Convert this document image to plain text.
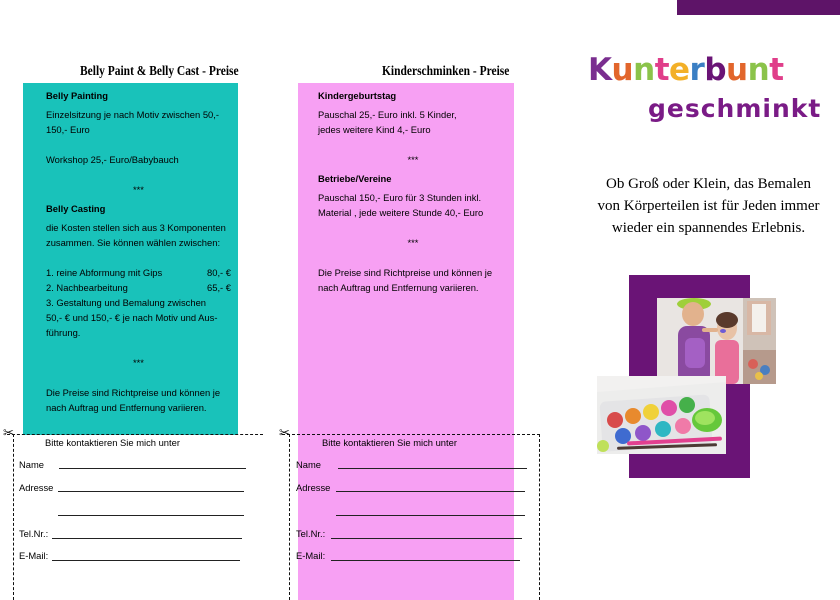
Belly Paint & Belly Cast - Preise

Belly Painting

Einzelsitzung je nach Motiv zwischen 50,-

150,- Euro

Workshop 25,- Euro/Babybauch

***

Belly Casting

die Kosten stellen sich aus 3 Komponenten

zusammen. Sie können wählen zwischen:

1. reine Abformung mit Gips	80,- €
2. Nachbearbeitung	65,- €

3. Gestaltung und Bemalung zwischen

50,- € und 150,- € je nach Motiv und Aus-

führung.

***

Die Preise sind Richtpreise und können je

nach Auftrag und Entfernung variieren.

Kinderschminken - Preise

Kindergeburtstag

Pauschal 25,- Euro inkl. 5 Kinder,

jedes weitere Kind 4,- Euro

***

Betriebe/Vereine

Pauschal 150,- Euro für 3 Stunden inkl.

Material , jede weitere Stunde 40,- Euro

***

Die Preise sind Richtpreise und können je

nach Auftrag und Entfernung variieren.

✂	✂
Bitte kontaktieren Sie mich unter
Name
Adresse
Tel.Nr.:
E-Mail:
Bitte kontaktieren Sie mich unter
Name
Adresse
Tel.Nr.:
E-Mail:
Kunterbunt
geschminkt
Ob Groß oder Klein, das Bemalen von Körperteilen ist für Jeden immer wieder ein spannendes Erlebnis.
